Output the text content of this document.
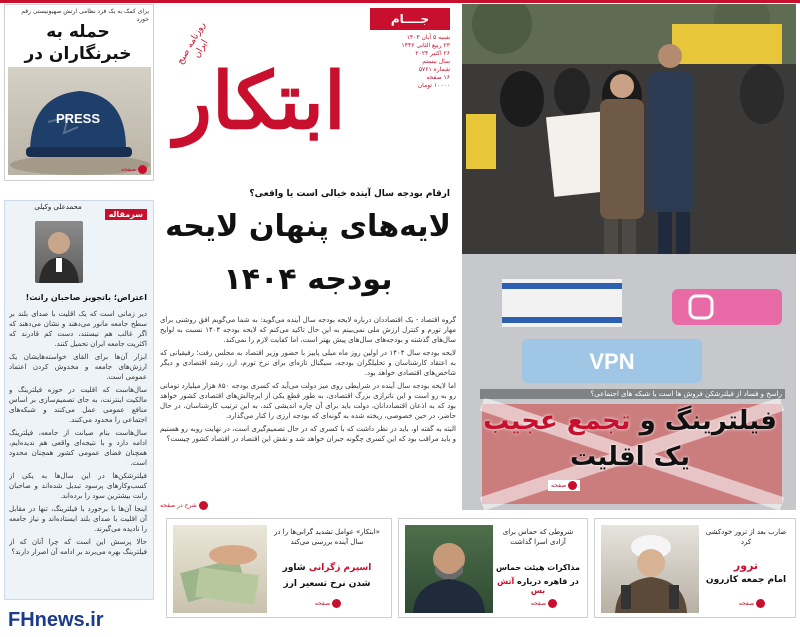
برای کمک به یک فرد نظامی ارتش صهیونیستی رقم خورد
حمله به خبرنگاران در
PRESS
صفحه
جــــام
شنبه ۵ آبان ۱۴۰۳
۲۳ ربیع الثانی ۱۴۴۶
۲۶ اکتبر ۲۰۲۴
سال بیستم
شماره ۵۷۶۱
۱۶ صفحه
۱۰۰۰۰ تومان
روزنامه صبح ایران
ابتکار
ارقام بودجه سال آینده خیالی است یا واقعی؟
لایه‌های پنهان لایحه
بودجه ۱۴۰۴

گروه اقتصاد - یک اقتصاددان درباره لایحه بودجه سال آینده می‌گوید: به شما می‌گویم افق روشنی برای مهار تورم و کنترل ارزش ملی نمی‌بینم به این حال تاکید می‌کنم که لایحه بودجه ۱۴۰۴ نسبت به لوایح سال‌های گذشته و بودجه‌های سال‌های پیش بهتر است، اما کفایت لازم را نمی‌کند.

لایحه بودجه سال ۱۴۰۴ در اولین روز ماه میلی پاییز با حضور وزیر اقتصاد به مجلس رفت؛ رفیقیانی که به اعتقاد کارشناسان و تحلیلگران بودجه، سیگنال تازه‌ای برای نرخ تورم، ارز، رشد اقتصادی و دیگر شاخص‌های اقتصادی خواهد بود.

اما لایحه بودجه سال آینده در شرایطی روی میز دولت می‌آید که کسری بودجه ۸۵۰ هزار میلیارد تومانی رو به رو است و این ناترازی بزرگ اقتصادی، به طور قطع یکی از ابرچالش‌های اقتصادی کشور خواهد بود که به اذعان اقتصاددانان، دولت باید برای آن چاره اندیشی کند، به این ترتیب کارشناسان، در حال حاضر، در حین خصوصی، ریخته شده به گونه‌ای که بودجه ارزی را کنار می‌گذارد.

البته به گفته او، باید در نظر داشت که با کسری که در حال تصمیم‌گیری است، در نهایت روبه رو هستیم و باید مراقب بود که این کسری چگونه جبران خواهد شد و نقش این اقتصاد در اقتصاد کشور چیست؟

شرح در صفحه
سرمقاله
محمدعلی وکیلی
اعتراض؛ باتجویز صاحبان رانت!

دیر زمانی است که یک اقلیت با صدای بلند بر سطح جامعه مانور می‌دهند و نشان می‌دهند که اگر غالب هم نیستند، دست کم قادرند که اکثریت جامعه ایران تحمیل کنند.

ابزار آن‌ها برای القای خواسته‌هایشان یک ارزش‌های جامعه و مخدوش کردن اعتماد عمومی است.

سال‌هاست که اقلیت در حوزه فیلترینگ و مالکیت اینترنت، به جای تصمیم‌سازی بر اساس منافع عمومی عمل می‌کنند و شبکه‌های اجتماعی را محدود می‌کنند.

سال‌هاست بنام صیانت از جامعه، فیلترینگ ادامه دارد و با نتیجه‌ای واقعی هم ندیده‌ایم، همچنان فضای عمومی کشور همچنان محدود است.

فیلترشکن‌ها در این سال‌ها به یکی از کسب‌وکارهای پرسود تبدیل شده‌اند و صاحبان رانت بیشترین سود را برده‌اند.

اینجا آن‌ها با برخورد با فیلترینگ، تنها در مقابل آن اقلیت با صدای بلند ایستاده‌اند و نیاز جامعه را نادیده می‌گیرند.

حالا پرسش این است که چرا آنان که از فیلترینگ بهره می‌برند بر ادامه آن اصرار دارند؟

VPN
راسخ و فساد از فیلترشکن فروش ها است یا شبکه های اجتماعی؟
فیلترینگ و تجمع عجیب
یک اقلیت
صفحه
ضارب بعد از ترور خودکشی کرد
ترور
امام جمعه کازرون
صفحه
شروطی که حماس برای آزادی اسرا گذاشت
مذاکرات هیئت حماس
در قاهره درباره آتش بس
صفحه
«ابتکار» عوامل تشدید گرانی‌ها را در سال آینده بررسی می‌کند
اسپرم زگرانی شاور
شدن نرخ تسعیر ارز
صفحه
FHnews.ir
